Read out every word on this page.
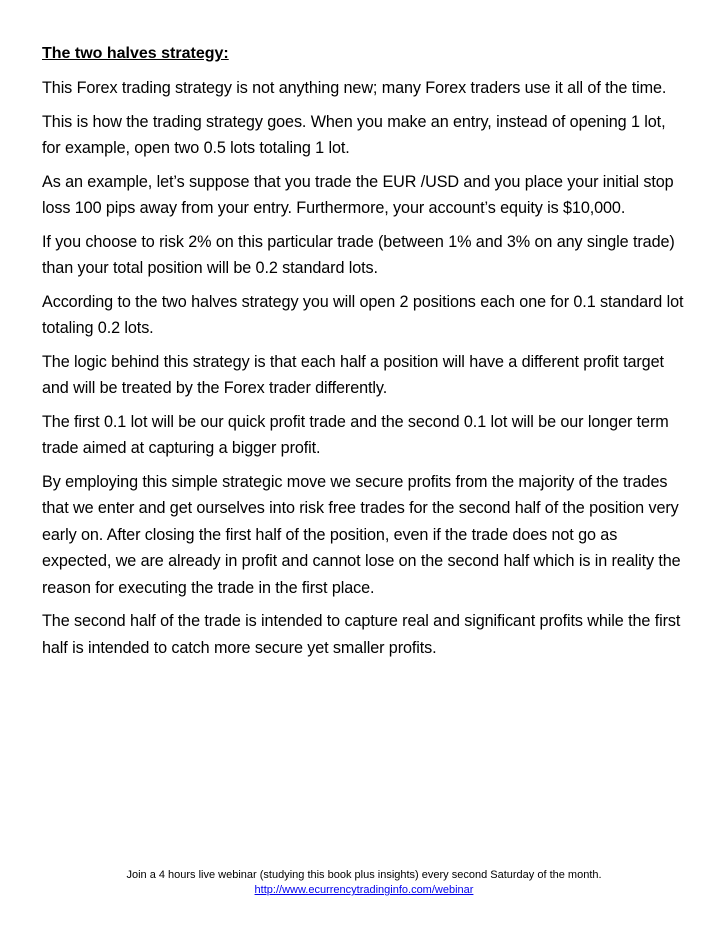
The two halves strategy:

This Forex trading strategy is not anything new; many Forex traders use it all of the time.

This is how the trading strategy goes. When you make an entry, instead of opening 1 lot, for example, open two 0.5 lots totaling 1 lot.

As an example, let’s suppose that you trade the EUR /USD and you place your initial stop loss 100 pips away from your entry. Furthermore, your account’s equity is $10,000.

If you choose to risk 2% on this particular trade (between 1% and 3% on any single trade) than your total position will be 0.2 standard lots.

According to the two halves strategy you will open 2 positions each one for 0.1 standard lot totaling 0.2 lots.

The logic behind this strategy is that each half a position will have a different profit target and will be treated by the Forex trader differently.

The first 0.1 lot will be our quick profit trade and the second 0.1 lot will be our longer term trade aimed at capturing a bigger profit.

By employing this simple strategic move we secure profits from the majority of the trades that we enter and get ourselves into risk free trades for the second half of the position very early on. After closing the first half of the position, even if the trade does not go as expected, we are already in profit and cannot lose on the second half which is in reality the reason for executing the trade in the first place.

The second half of the trade is intended to capture real and significant profits while the first half is intended to catch more secure yet smaller profits.

Join a 4 hours live webinar (studying this book plus insights) every second Saturday of the month.
http://www.ecurrencytradinginfo.com/webinar
